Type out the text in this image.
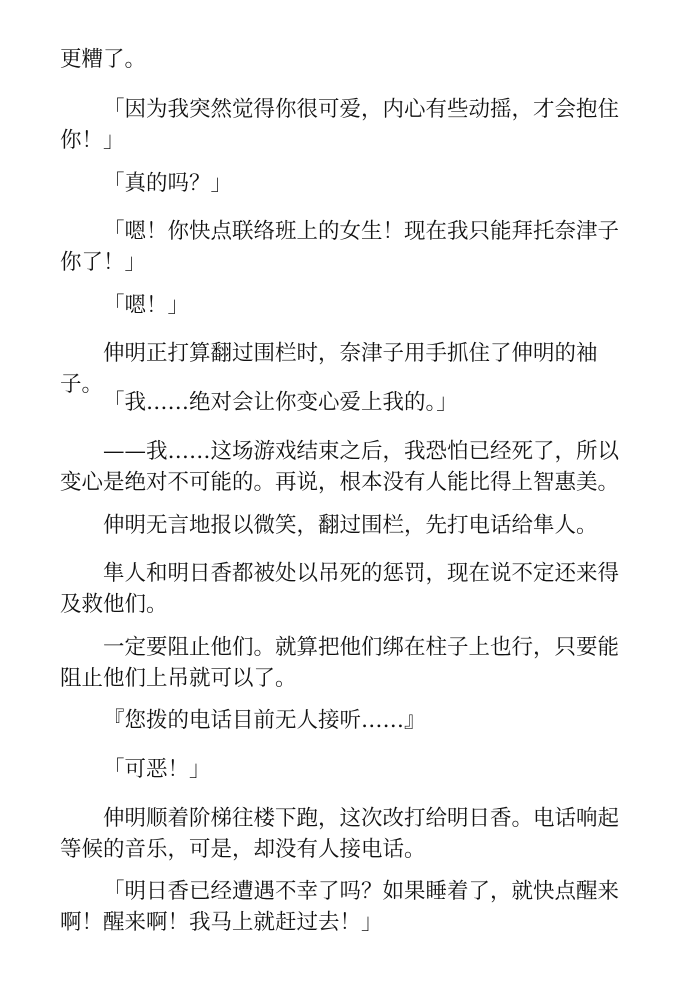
更糟了。

「因为我突然觉得你很可爱，内心有些动摇，才会抱住你！」

「真的吗？」

「嗯！你快点联络班上的女生！现在我只能拜托奈津子你了！」

「嗯！」

伸明正打算翻过围栏时，奈津子用手抓住了伸明的袖子。

「我……绝对会让你变心爱上我的。」

——我……这场游戏结束之后，我恐怕已经死了，所以变心是绝对不可能的。再说，根本没有人能比得上智惠美。

伸明无言地报以微笑，翻过围栏，先打电话给隼人。

隼人和明日香都被处以吊死的惩罚，现在说不定还来得及救他们。

一定要阻止他们。就算把他们绑在柱子上也行，只要能阻止他们上吊就可以了。

『您拨的电话目前无人接听……』

「可恶！」

伸明顺着阶梯往楼下跑，这次改打给明日香。电话响起等候的音乐，可是，却没有人接电话。

「明日香已经遭遇不幸了吗？如果睡着了，就快点醒来啊！醒来啊！我马上就赶过去！」
